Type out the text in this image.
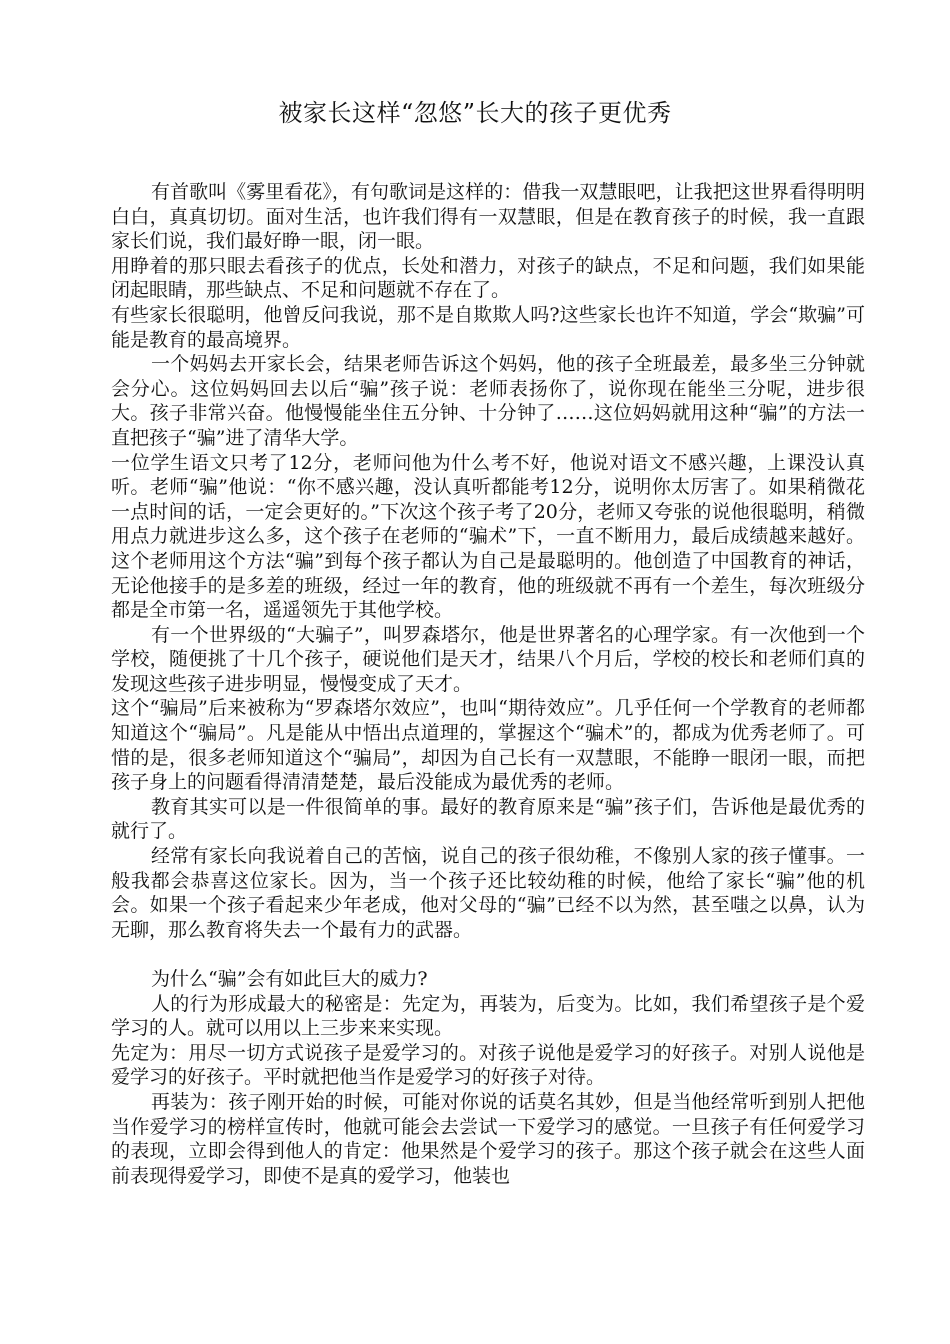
被家长这样“忽悠”长大的孩子更优秀

有首歌叫《雾里看花》，有句歌词是这样的：借我一双慧眼吧，让我把这世界看得明明白白，真真切切。面对生活，也许我们得有一双慧眼，但是在教育孩子的时候，我一直跟家长们说，我们最好睁一眼，闭一眼。

用睁着的那只眼去看孩子的优点，长处和潜力，对孩子的缺点，不足和问题，我们如果能闭起眼睛，那些缺点、不足和问题就不存在了。

有些家长很聪明，他曾反问我说，那不是自欺欺人吗?这些家长也许不知道，学会“欺骗”可能是教育的最高境界。

一个妈妈去开家长会，结果老师告诉这个妈妈，他的孩子全班最差，最多坐三分钟就会分心。这位妈妈回去以后“骗”孩子说：老师表扬你了，说你现在能坐三分呢，进步很大。孩子非常兴奋。他慢慢能坐住五分钟、十分钟了……这位妈妈就用这种“骗”的方法一直把孩子“骗”进了清华大学。

一位学生语文只考了12分，老师问他为什么考不好，他说对语文不感兴趣，上课没认真听。老师“骗”他说：“你不感兴趣，没认真听都能考12分，说明你太厉害了。如果稍微花一点时间的话，一定会更好的。”下次这个孩子考了20分，老师又夸张的说他很聪明，稍微用点力就进步这么多，这个孩子在老师的“骗术”下，一直不断用力，最后成绩越来越好。这个老师用这个方法“骗”到每个孩子都认为自己是最聪明的。他创造了中国教育的神话，无论他接手的是多差的班级，经过一年的教育，他的班级就不再有一个差生，每次班级分都是全市第一名，遥遥领先于其他学校。

有一个世界级的“大骗子”，叫罗森塔尔，他是世界著名的心理学家。有一次他到一个学校，随便挑了十几个孩子，硬说他们是天才，结果八个月后，学校的校长和老师们真的发现这些孩子进步明显，慢慢变成了天才。

这个“骗局”后来被称为“罗森塔尔效应”，也叫“期待效应”。几乎任何一个学教育的老师都知道这个“骗局”。凡是能从中悟出点道理的，掌握这个“骗术”的，都成为优秀老师了。可惜的是，很多老师知道这个“骗局”，却因为自己长有一双慧眼，不能睁一眼闭一眼，而把孩子身上的问题看得清清楚楚，最后没能成为最优秀的老师。

教育其实可以是一件很简单的事。最好的教育原来是“骗”孩子们，告诉他是最优秀的就行了。

经常有家长向我说着自己的苦恼，说自己的孩子很幼稚，不像别人家的孩子懂事。一般我都会恭喜这位家长。因为，当一个孩子还比较幼稚的时候，他给了家长“骗”他的机会。如果一个孩子看起来少年老成，他对父母的“骗”已经不以为然，甚至嗤之以鼻，认为无聊，那么教育将失去一个最有力的武器。

为什么“骗”会有如此巨大的威力?

人的行为形成最大的秘密是：先定为，再装为，后变为。比如，我们希望孩子是个爱学习的人。就可以用以上三步来来实现。

先定为：用尽一切方式说孩子是爱学习的。对孩子说他是爱学习的好孩子。对别人说他是爱学习的好孩子。平时就把他当作是爱学习的好孩子对待。

再装为：孩子刚开始的时候，可能对你说的话莫名其妙，但是当他经常听到别人把他当作爱学习的榜样宣传时，他就可能会去尝试一下爱学习的感觉。一旦孩子有任何爱学习的表现，立即会得到他人的肯定：他果然是个爱学习的孩子。那这个孩子就会在这些人面前表现得爱学习，即使不是真的爱学习，他装也
